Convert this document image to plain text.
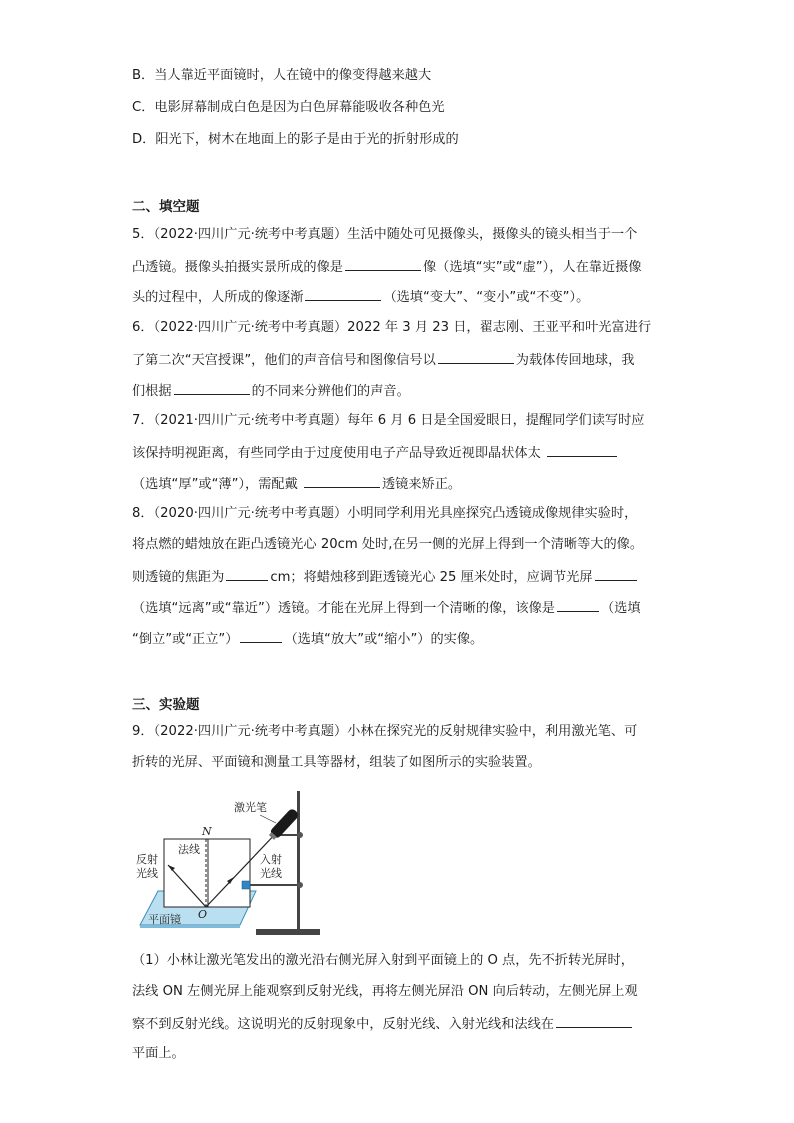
B．当人靠近平面镜时，人在镜中的像变得越来越大
C．电影屏幕制成白色是因为白色屏幕能吸收各种色光
D．阳光下，树木在地面上的影子是由于光的折射形成的
二、填空题
5．（2022·四川广元·统考中考真题）生活中随处可见摄像头，摄像头的镜头相当于一个
凸透镜。摄像头拍摄实景所成的像是	像（选填“实”或“虚”），人在靠近摄像
头的过程中，人所成的像逐渐	（选填“变大”、“变小”或“不变”）。
6．（2022·四川广元·统考中考真题）2022 年 3 月 23 日，翟志刚、王亚平和叶光富进行
了第二次“天宫授课”，他们的声音信号和图像信号以	为载体传回地球，我
们根据	的不同来分辨他们的声音。
7．（2021·四川广元·统考中考真题）每年 6 月 6 日是全国爱眼日，提醒同学们读写时应
该保持明视距离，有些同学由于过度使用电子产品导致近视即晶状体太
（选填“厚”或“薄”），需配戴	透镜来矫正。
8．（2020·四川广元·统考中考真题）小明同学利用光具座探究凸透镜成像规律实验时，
将点燃的蜡烛放在距凸透镜光心 20cm 处时,在另一侧的光屏上得到一个清晰等大的像。
则透镜的焦距为	cm；将蜡烛移到距透镜光心 25 厘米处时，应调节光屏
（选填“远离”或“靠近”）透镜。才能在光屏上得到一个清晰的像，该像是	（选填
“倒立”或“正立”）	（选填“放大”或“缩小”）的实像。
三、实验题
9．（2022·四川广元·统考中考真题）小林在探究光的反射规律实验中，利用激光笔、可
折转的光屏、平面镜和测量工具等器材，组装了如图所示的实验装置。
激光笔
N
法线
反射
光线
入射
光线
O
平面镜
（1）小林让激光笔发出的激光沿右侧光屏入射到平面镜上的 O 点，先不折转光屏时，
法线 ON 左侧光屏上能观察到反射光线，再将左侧光屏沿 ON 向后转动，左侧光屏上观
察不到反射光线。这说明光的反射现象中，反射光线、入射光线和法线在
平面上。
